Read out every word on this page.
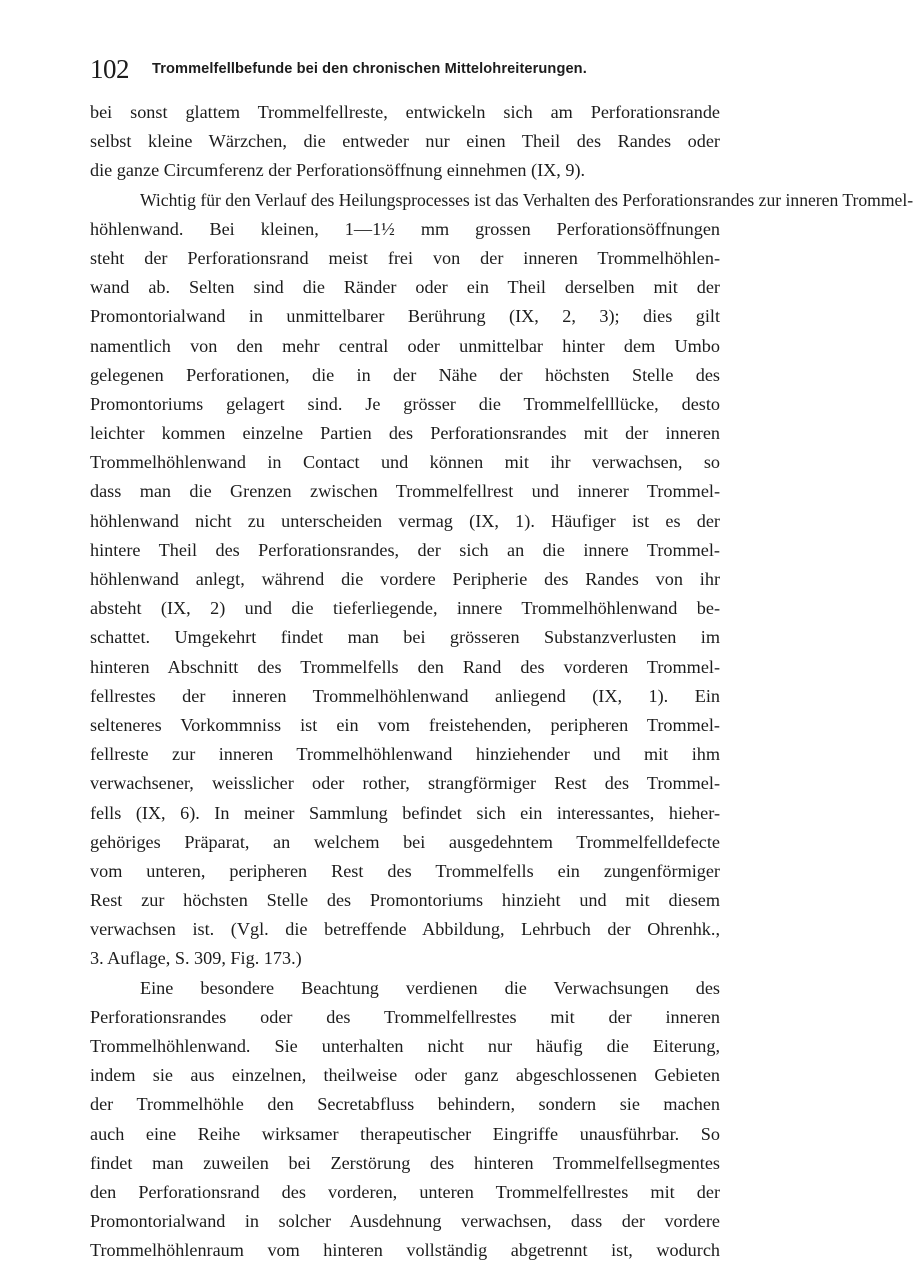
102 Trommelfellbefunde bei den chronischen Mittelohreiterungen.
bei sonst glattem Trommelfellreste, entwickeln sich am Perforationsrande
selbst kleine Wärzchen, die entweder nur einen Theil des Randes oder
die ganze Circumferenz der Perforationsöffnung einnehmen (IX, 9).
Wichtig für den Verlauf des Heilungsprocesses ist das Verhalten des Perforationsrandes zur inneren Trommel-
höhlenwand. Bei kleinen, 1—1½ mm grossen Perforationsöffnungen
steht der Perforationsrand meist frei von der inneren Trommelhöhlen-
wand ab. Selten sind die Ränder oder ein Theil derselben mit der
Promontorialwand in unmittelbarer Berührung (IX, 2, 3); dies gilt
namentlich von den mehr central oder unmittelbar hinter dem Umbo
gelegenen Perforationen, die in der Nähe der höchsten Stelle des
Promontoriums gelagert sind. Je grösser die Trommelfelllücke, desto
leichter kommen einzelne Partien des Perforationsrandes mit der inneren
Trommelhöhlenwand in Contact und können mit ihr verwachsen, so
dass man die Grenzen zwischen Trommelfellrest und innerer Trommel-
höhlenwand nicht zu unterscheiden vermag (IX, 1). Häufiger ist es der
hintere Theil des Perforationsrandes, der sich an die innere Trommel-
höhlenwand anlegt, während die vordere Peripherie des Randes von ihr
absteht (IX, 2) und die tieferliegende, innere Trommelhöhlenwand be-
schattet. Umgekehrt findet man bei grösseren Substanzverlusten im
hinteren Abschnitt des Trommelfells den Rand des vorderen Trommel-
fellrestes der inneren Trommelhöhlenwand anliegend (IX, 1). Ein
selteneres Vorkommniss ist ein vom freistehenden, peripheren Trommel-
fellreste zur inneren Trommelhöhlenwand hinziehender und mit ihm
verwachsener, weisslicher oder rother, strangförmiger Rest des Trommel-
fells (IX, 6). In meiner Sammlung befindet sich ein interessantes, hieher-
gehöriges Präparat, an welchem bei ausgedehntem Trommelfelldefecte
vom unteren, peripheren Rest des Trommelfells ein zungenförmiger
Rest zur höchsten Stelle des Promontoriums hinzieht und mit diesem
verwachsen ist. (Vgl. die betreffende Abbildung, Lehrbuch der Ohrenhk.,
3. Auflage, S. 309, Fig. 173.)
Eine besondere Beachtung verdienen die Verwachsungen des
Perforationsrandes oder des Trommelfellrestes mit der inneren
Trommelhöhlenwand. Sie unterhalten nicht nur häufig die Eiterung,
indem sie aus einzelnen, theilweise oder ganz abgeschlossenen Gebieten
der Trommelhöhle den Secretabfluss behindern, sondern sie machen
auch eine Reihe wirksamer therapeutischer Eingriffe unausführbar. So
findet man zuweilen bei Zerstörung des hinteren Trommelfellsegmentes
den Perforationsrand des vorderen, unteren Trommelfellrestes mit der
Promontorialwand in solcher Ausdehnung verwachsen, dass der vordere
Trommelhöhlenraum vom hinteren vollständig abgetrennt ist, wodurch
